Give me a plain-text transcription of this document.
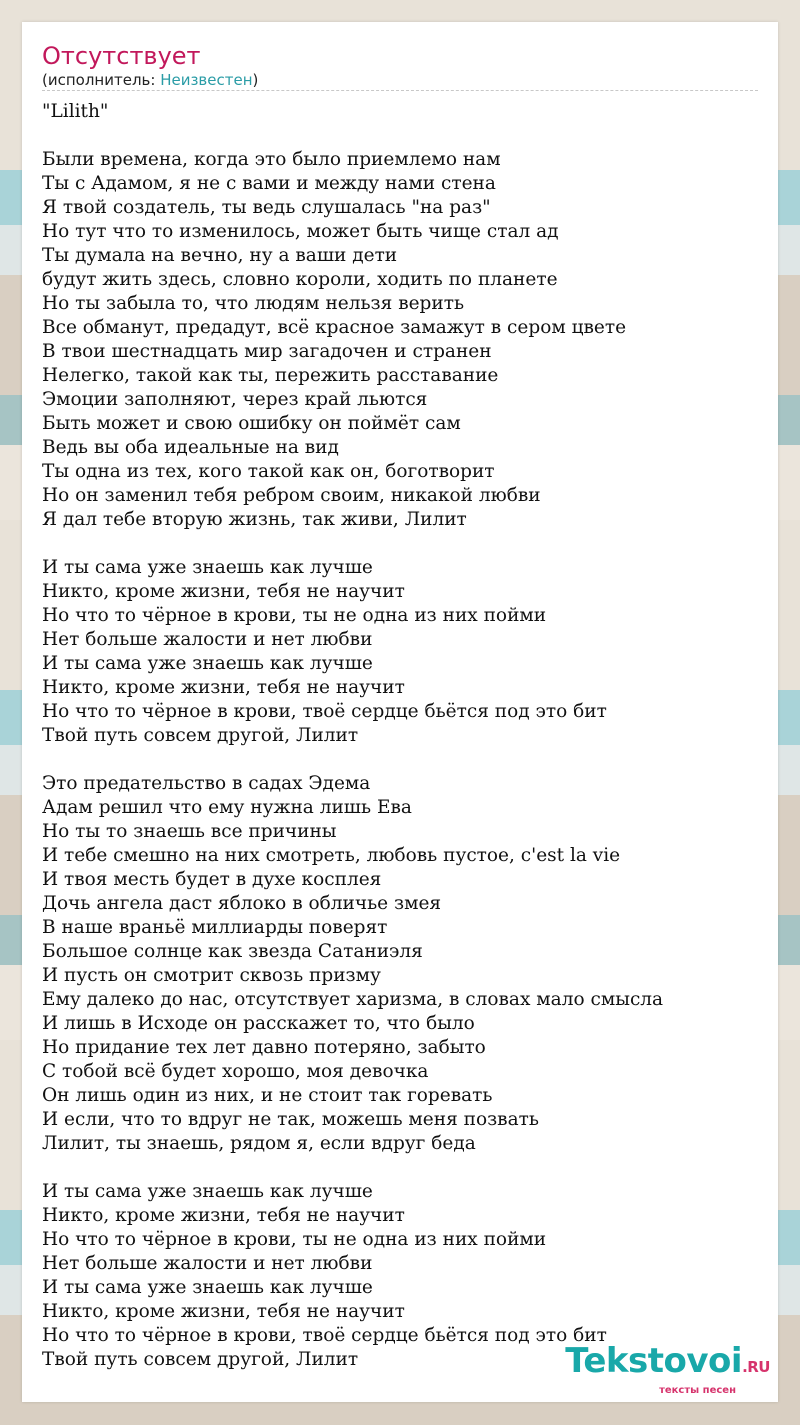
Отсутствует
(исполнитель: Неизвестен)
"Lilith"
Были времена, когда это было приемлемо нам
Ты с Адамом, я не с вами и между нами стена
Я твой создатель, ты ведь слушалась "на раз"
Но тут что то изменилось, может быть чище стал ад
Ты думала на вечно, ну а ваши дети
будут жить здесь, словно короли, ходить по планете
Но ты забыла то, что людям нельзя верить
Все обманут, предадут, всё красное замажут в сером цвете
В твои шестнадцать мир загадочен и странен
Нелегко, такой как ты, пережить расставание
Эмоции заполняют, через край льются
Быть может и свою ошибку он поймёт сам
Ведь вы оба идеальные на вид
Ты одна из тех, кого такой как он, боготворит
Но он заменил тебя ребром своим, никакой любви
Я дал тебе вторую жизнь, так живи, Лилит
И ты сама уже знаешь как лучше
Никто, кроме жизни, тебя не научит
Но что то чёрное в крови, ты не одна из них пойми
Нет больше жалости и нет любви
И ты сама уже знаешь как лучше
Никто, кроме жизни, тебя не научит
Но что то чёрное в крови, твоё сердце бьётся под это бит
Твой путь совсем другой, Лилит
Это предательство в садах Эдема
Адам решил что ему нужна лишь Ева
Но ты то знаешь все причины
И тебе смешно на них смотреть, любовь пустое, c'est la vie
И твоя месть будет в духе косплея
Дочь ангела даст яблоко в обличье змея
В наше враньё миллиарды поверят
Большое солнце как звезда Сатаниэля
И пусть он смотрит сквозь призму
Ему далеко до нас, отсутствует харизма, в словах мало смысла
И лишь в Исходе он расскажет то, что было
Но придание тех лет давно потеряно, забыто
С тобой всё будет хорошо, моя девочка
Он лишь один из них, и не стоит так горевать
И если, что то вдруг не так, можешь меня позвать
Лилит, ты знаешь, рядом я, если вдруг беда
И ты сама уже знаешь как лучше
Никто, кроме жизни, тебя не научит
Но что то чёрное в крови, ты не одна из них пойми
Нет больше жалости и нет любви
И ты сама уже знаешь как лучше
Никто, кроме жизни, тебя не научит
Но что то чёрное в крови, твоё сердце бьётся под это бит
Твой путь совсем другой, Лилит	Tekstovoi.RU
тексты песен
